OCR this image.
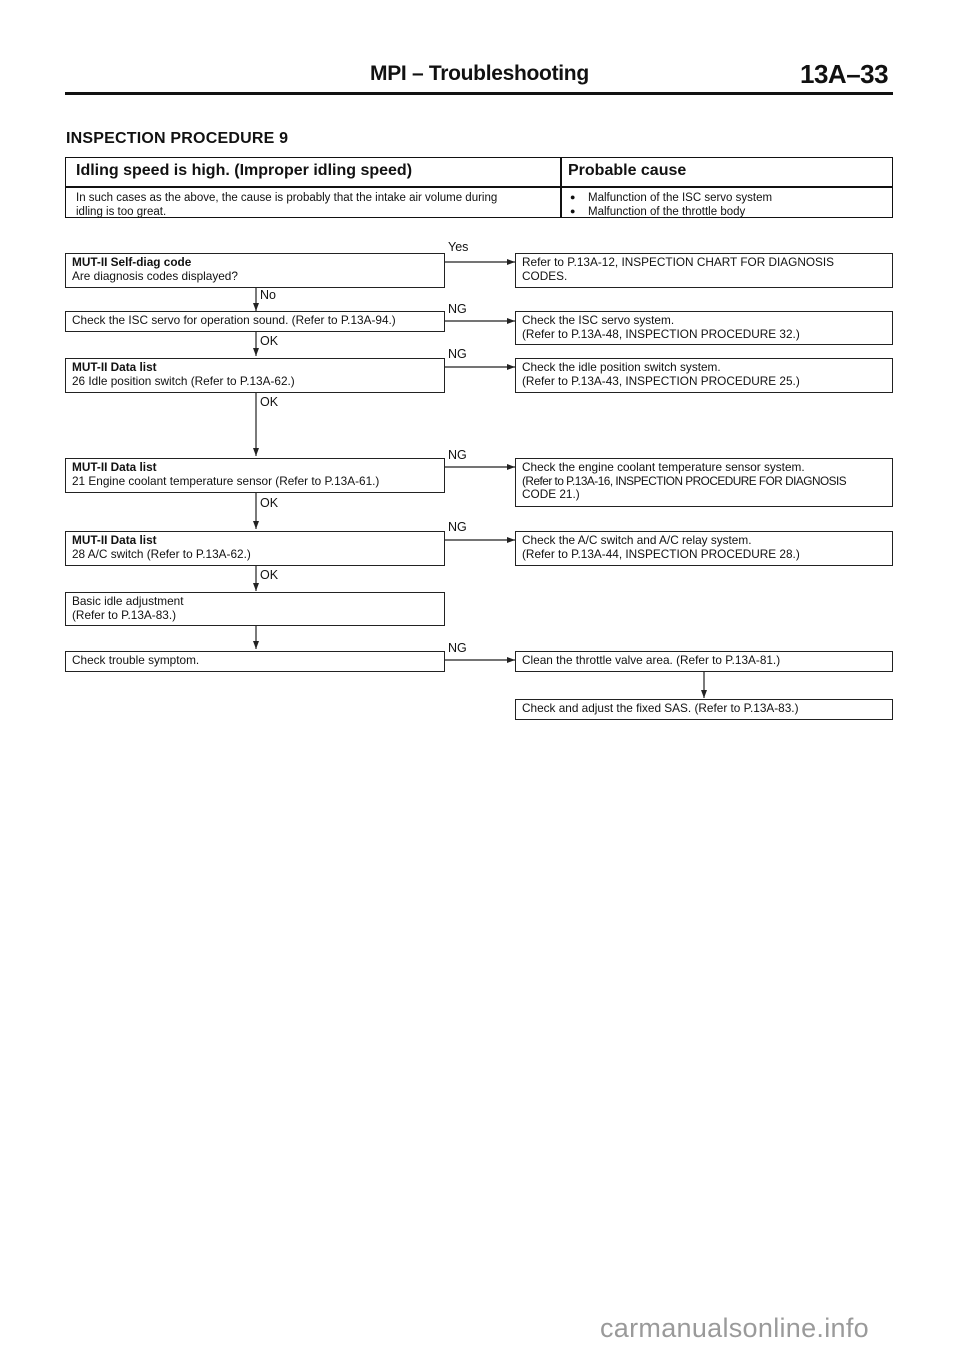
MPI – Troubleshooting	13A–33
INSPECTION PROCEDURE 9
Idling speed is high. (Improper idling speed)	Probable cause
In such cases as the above, the cause is probably that the intake air volume during
idling is too great.
● Malfunction of the ISC servo system
● Malfunction of the throttle body
MUT-II Self-diag code
Are diagnosis codes displayed?
Yes
Refer to P.13A-12, INSPECTION CHART FOR DIAGNOSIS
CODES.
No
Check the ISC servo for operation sound. (Refer to P.13A-94.)
NG
Check the ISC servo system.
(Refer to P.13A-48, INSPECTION PROCEDURE 32.)
OK
MUT-II Data list
26 Idle position switch (Refer to P.13A-62.)
NG
Check the idle position switch system.
(Refer to P.13A-43, INSPECTION PROCEDURE 25.)
OK
MUT-II Data list
21 Engine coolant temperature sensor (Refer to P.13A-61.)
NG
Check the engine coolant temperature sensor system.
(Refer to P.13A-16, INSPECTION PROCEDURE FOR DIAGNOSIS
CODE 21.)
OK
MUT-II Data list
28 A/C switch (Refer to P.13A-62.)
NG
Check the A/C switch and A/C relay system.
(Refer to P.13A-44, INSPECTION PROCEDURE 28.)
OK
Basic idle adjustment
(Refer to P.13A-83.)
Check trouble symptom.
NG
Clean the throttle valve area. (Refer to P.13A-81.)
Check and adjust the fixed SAS. (Refer to P.13A-83.)
carmanualsonline.info
